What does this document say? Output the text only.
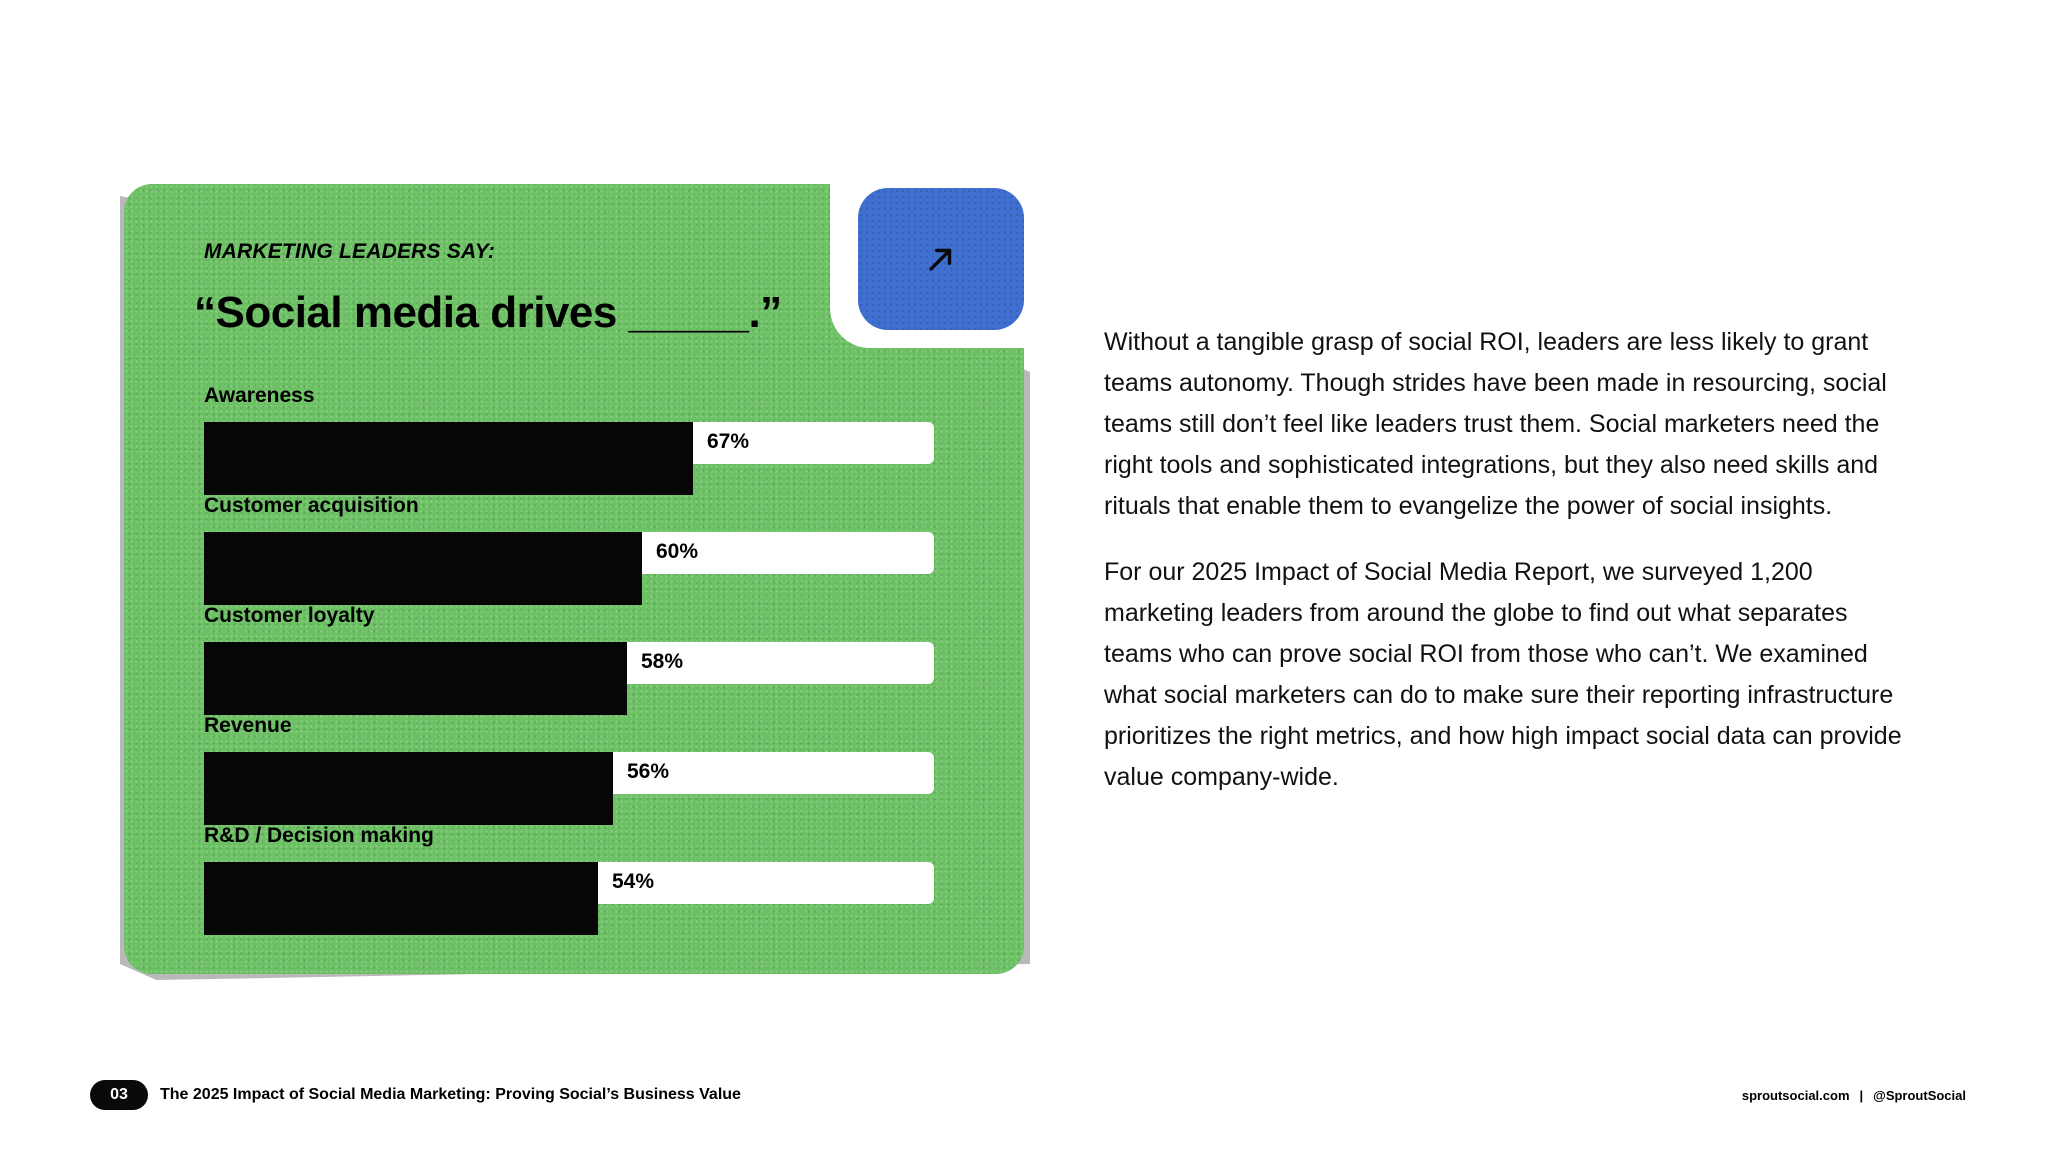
MARKETING LEADERS SAY:
“Social media drives _____.”
67%
Awareness
60%
Customer acquisition
58%
Customer loyalty
56%
Revenue
54%
R&D / Decision making

Without a tangible grasp of social ROI, leaders are less likely to grant teams autonomy. Though strides have been made in resourcing, social teams still don’t feel like leaders trust them. Social marketers need the right tools and sophisticated integrations, but they also need skills and rituals that enable them to evangelize the power of social insights.

For our 2025 Impact of Social Media Report, we surveyed 1,200 marketing leaders from around the globe to find out what separates teams who can prove social ROI from those who can’t. We examined what social marketers can do to make sure their reporting infrastructure prioritizes the right metrics, and how high impact social data can provide value company-wide.

03	The 2025 Impact of Social Media Marketing: Proving Social’s Business Value	sproutsocial.com | @SproutSocial
